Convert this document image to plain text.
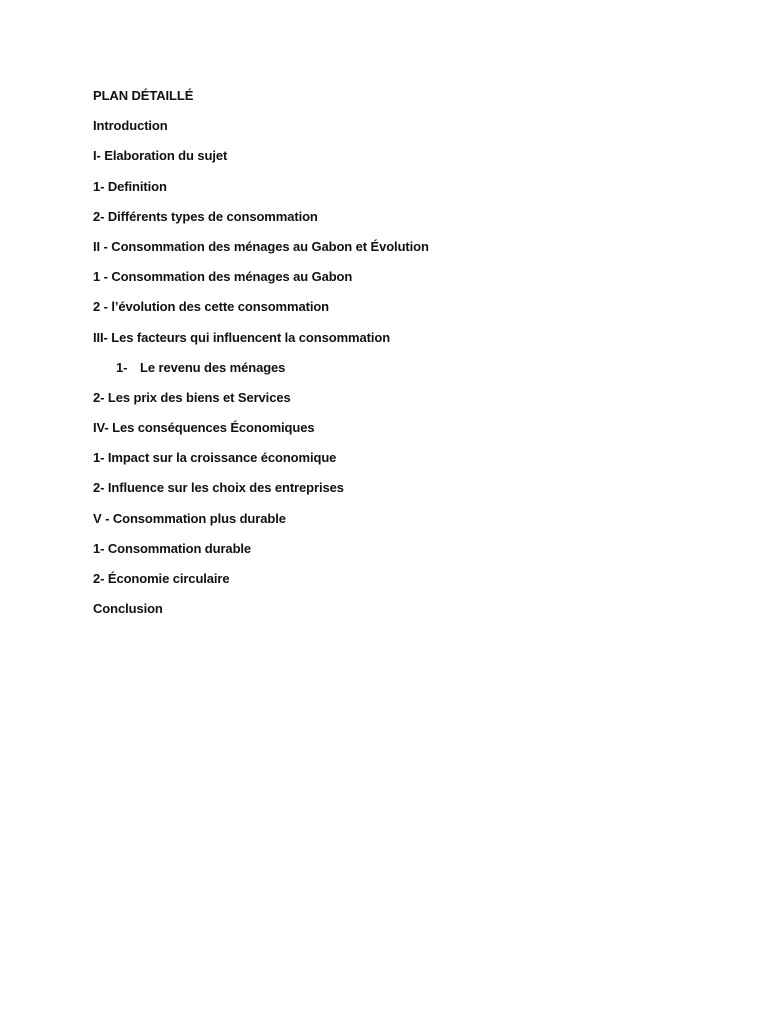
PLAN DÉTAILLÉ
Introduction
I- Elaboration du sujet
1- Definition
2- Différents types de consommation
II - Consommation des ménages au Gabon et Évolution
1 - Consommation des ménages au Gabon
2 - l’évolution des cette consommation
III- Les facteurs qui influencent la consommation
1- Le revenu des ménages
2- Les prix des biens et Services
IV- Les conséquences Économiques
1- Impact sur la croissance économique
2- Influence sur les choix des entreprises
V - Consommation plus durable
1- Consommation durable
2- Économie circulaire
Conclusion
